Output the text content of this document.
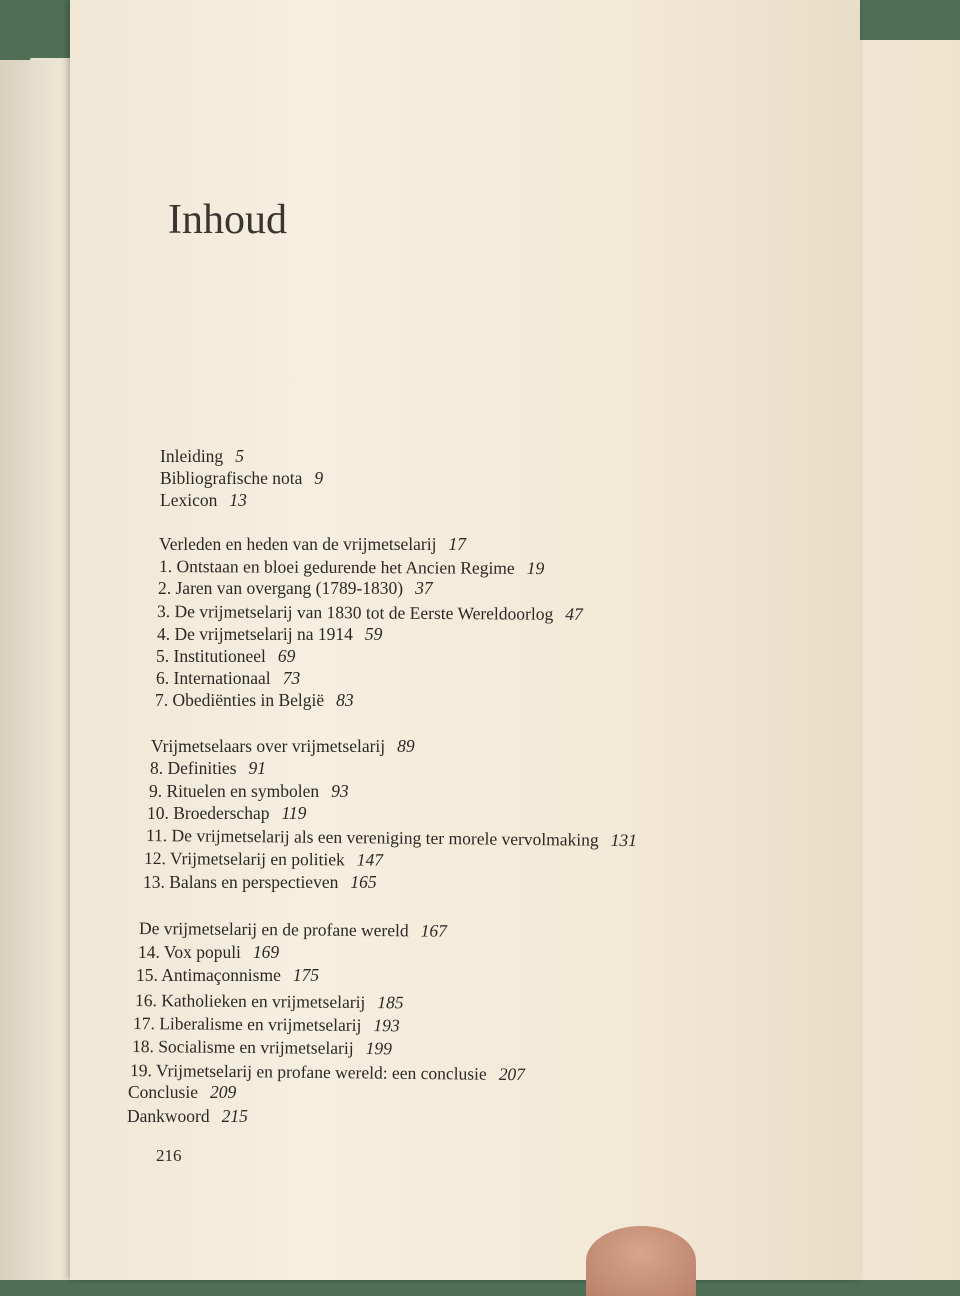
Inhoud
Inleiding 5
Bibliografische nota 9
Lexicon 13
Verleden en heden van de vrijmetselarij 17
1. Ontstaan en bloei gedurende het Ancien Regime 19
2. Jaren van overgang (1789-1830) 37
3. De vrijmetselarij van 1830 tot de Eerste Wereldoorlog 47
4. De vrijmetselarij na 1914 59
5. Institutioneel 69
6. Internationaal 73
7. Obediënties in België 83
Vrijmetselaars over vrijmetselarij 89
8. Definities 91
9. Rituelen en symbolen 93
10. Broederschap 119
11. De vrijmetselarij als een vereniging ter morele vervolmaking 131
12. Vrijmetselarij en politiek 147
13. Balans en perspectieven 165
De vrijmetselarij en de profane wereld 167
14. Vox populi 169
15. Antimaçonnisme 175
16. Katholieken en vrijmetselarij 185
17. Liberalisme en vrijmetselarij 193
18. Socialisme en vrijmetselarij 199
19. Vrijmetselarij en profane wereld: een conclusie 207
Conclusie 209
Dankwoord 215
216
